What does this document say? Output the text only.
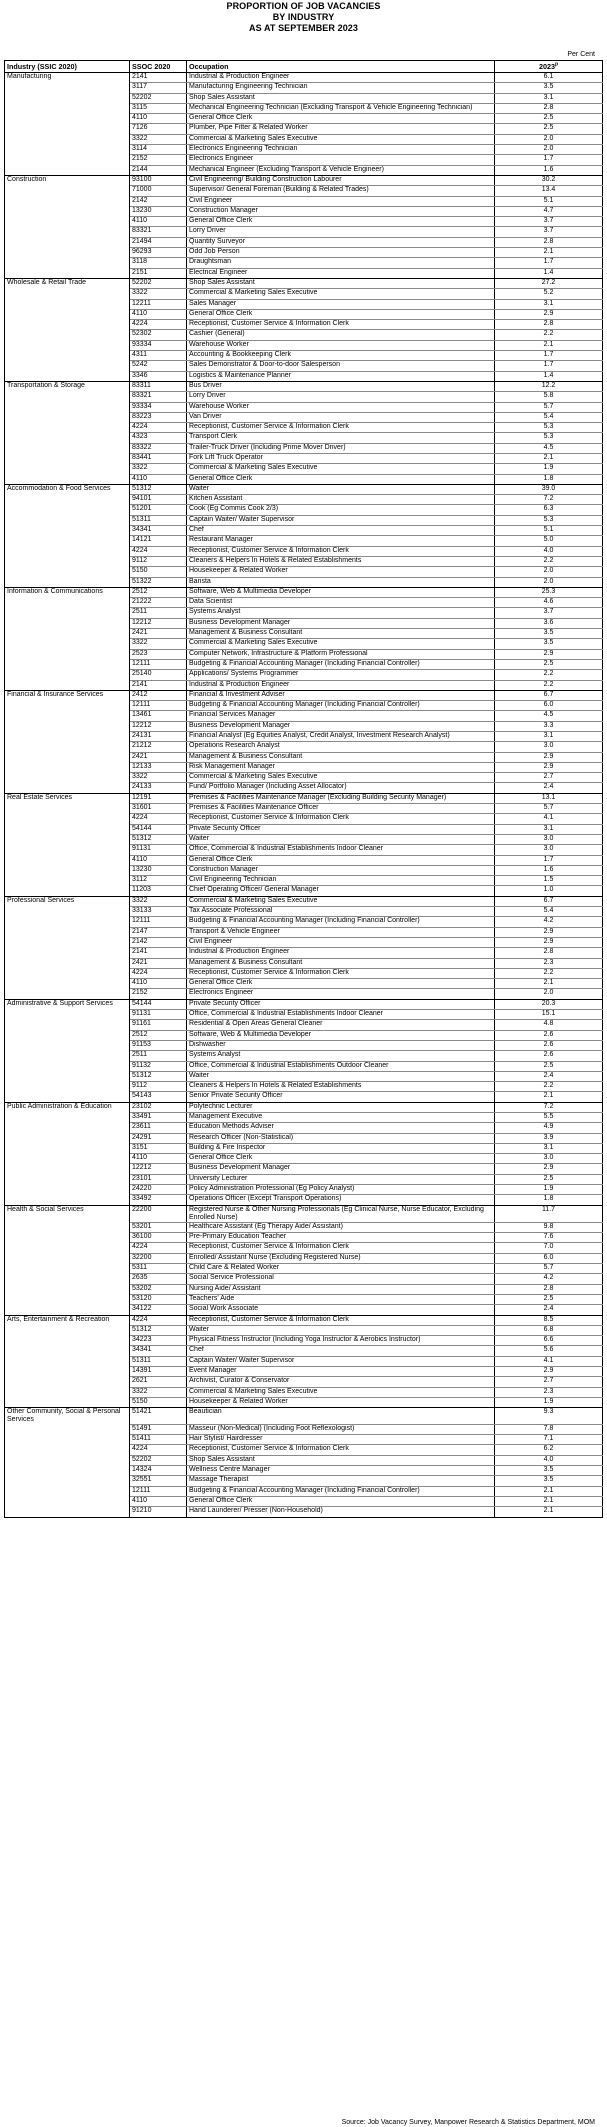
PROPORTION OF JOB VACANCIES
BY INDUSTRY
AS AT SEPTEMBER 2023
Per Cent
Industry (SSIC 2020)	SSOC 2020	Occupation	2023$^p$
Manufacturing	2141	Industrial & Production Engineer	6.1
	3117	Manufacturing Engineering Technician	3.5
	52202	Shop Sales Assistant	3.1
	3115	Mechanical Engineering Technician (Excluding Transport & Vehicle Engineering Technician)	2.8
	4110	General Office Clerk	2.5
	7126	Plumber, Pipe Fitter & Related Worker	2.5
	3322	Commercial & Marketing Sales Executive	2.0
	3114	Electronics Engineering Technician	2.0
	2152	Electronics Engineer	1.7
	2144	Mechanical Engineer (Excluding Transport & Vehicle Engineer)	1.6
Construction	93100	Civil Engineering/ Building Construction Labourer	30.2
	71000	Supervisor/ General Foreman (Building & Related Trades)	13.4
	2142	Civil Engineer	5.1
	13230	Construction Manager	4.7
	4110	General Office Clerk	3.7
	83321	Lorry Driver	3.7
	21494	Quantity Surveyor	2.8
	96293	Odd Job Person	2.1
	3118	Draughtsman	1.7
	2151	Electrical Engineer	1.4
Wholesale & Retail Trade	52202	Shop Sales Assistant	27.2
	3322	Commercial & Marketing Sales Executive	5.2
	12211	Sales Manager	3.1
	4110	General Office Clerk	2.9
	4224	Receptionist, Customer Service & Information Clerk	2.8
	52302	Cashier (General)	2.2
	93334	Warehouse Worker	2.1
	4311	Accounting & Bookkeeping Clerk	1.7
	5242	Sales Demonstrator & Door-to-door Salesperson	1.7
	3346	Logistics & Maintenance Planner	1.4
Transportation & Storage	83311	Bus Driver	12.2
	83321	Lorry Driver	5.8
	93334	Warehouse Worker	5.7
	83223	Van Driver	5.4
	4224	Receptionist, Customer Service & Information Clerk	5.3
	4323	Transport Clerk	5.3
	83322	Trailer-Truck Driver (Including Prime Mover Driver)	4.5
	83441	Fork Lift Truck Operator	2.1
	3322	Commercial & Marketing Sales Executive	1.9
	4110	General Office Clerk	1.8
Accommodation & Food Services	51312	Waiter	39.0
	94101	Kitchen Assistant	7.2
	51201	Cook (Eg Commis Cook 2/3)	6.3
	51311	Captain Waiter/ Waiter Supervisor	5.3
	34341	Chef	5.1
	14121	Restaurant Manager	5.0
	4224	Receptionist, Customer Service & Information Clerk	4.0
	9112	Cleaners & Helpers In Hotels & Related Establishments	2.2
	5150	Housekeeper & Related Worker	2.0
	51322	Barista	2.0
Information & Communications	2512	Software, Web & Multimedia Developer	25.3
	21222	Data Scientist	4.6
	2511	Systems Analyst	3.7
	12212	Business Development Manager	3.6
	2421	Management & Business Consultant	3.5
	3322	Commercial & Marketing Sales Executive	3.5
	2523	Computer Network, Infrastructure & Platform Professional	2.9
	12111	Budgeting & Financial Accounting Manager (Including Financial Controller)	2.5
	25140	Applications/ Systems Programmer	2.2
	2141	Industrial & Production Engineer	2.2
Financial & Insurance Services	2412	Financial & Investment Adviser	6.7
	12111	Budgeting & Financial Accounting Manager (Including Financial Controller)	6.0
	13461	Financial Services Manager	4.5
	12212	Business Development Manager	3.3
	24131	Financial Analyst (Eg Equities Analyst, Credit Analyst, Investment Research Analyst)	3.1
	21212	Operations Research Analyst	3.0
	2421	Management & Business Consultant	2.9
	12133	Risk Management Manager	2.9
	3322	Commercial & Marketing Sales Executive	2.7
	24133	Fund/ Portfolio Manager (Including Asset Allocator)	2.4
Real Estate Services	12191	Premises & Facilities Maintenance Manager (Excluding Building Security Manager)	13.1
	31601	Premises & Facilities Maintenance Officer	5.7
	4224	Receptionist, Customer Service & Information Clerk	4.1
	54144	Private Security Officer	3.1
	51312	Waiter	3.0
	91131	Office, Commercial & Industrial Establishments Indoor Cleaner	3.0
	4110	General Office Clerk	1.7
	13230	Construction Manager	1.6
	3112	Civil Engineering Technician	1.5
	11203	Chief Operating Officer/ General Manager	1.0
Professional Services	3322	Commercial & Marketing Sales Executive	6.7
	33133	Tax Associate Professional	5.4
	12111	Budgeting & Financial Accounting Manager (Including Financial Controller)	4.2
	2147	Transport & Vehicle Engineer	2.9
	2142	Civil Engineer	2.9
	2141	Industrial & Production Engineer	2.8
	2421	Management & Business Consultant	2.3
	4224	Receptionist, Customer Service & Information Clerk	2.2
	4110	General Office Clerk	2.1
	2152	Electronics Engineer	2.0
Administrative & Support Services	54144	Private Security Officer	20.3
	91131	Office, Commercial & Industrial Establishments Indoor Cleaner	15.1
	91161	Residential & Open Areas General Cleaner	4.8
	2512	Software, Web & Multimedia Developer	2.6
	91153	Dishwasher	2.6
	2511	Systems Analyst	2.6
	91132	Office, Commercial & Industrial Establishments Outdoor Cleaner	2.5
	51312	Waiter	2.4
	9112	Cleaners & Helpers In Hotels & Related Establishments	2.2
	54143	Senior Private Security Officer	2.1
Public Administration & Education	23102	Polytechnic Lecturer	7.2
	33491	Management Executive	5.5
	23611	Education Methods Adviser	4.9
	24291	Research Officer (Non-Statistical)	3.9
	3151	Building & Fire Inspector	3.1
	4110	General Office Clerk	3.0
	12212	Business Development Manager	2.9
	23101	University Lecturer	2.5
	24220	Policy Administration Professional (Eg Policy Analyst)	1.9
	33492	Operations Officer (Except Transport Operations)	1.8
Health & Social Services	22200	Registered Nurse & Other Nursing Professionals (Eg Clinical Nurse, Nurse Educator, Excluding Enrolled Nurse)	11.7
	53201	Healthcare Assistant (Eg Therapy Aide/ Assistant)	9.8
	36100	Pre-Primary Education Teacher	7.6
	4224	Receptionist, Customer Service & Information Clerk	7.0
	32200	Enrolled/ Assistant Nurse (Excluding Registered Nurse)	6.0
	5311	Child Care & Related Worker	5.7
	2635	Social Service Professional	4.2
	53202	Nursing Aide/ Assistant	2.8
	53120	Teachers' Aide	2.5
	34122	Social Work Associate	2.4
Arts, Entertainment & Recreation	4224	Receptionist, Customer Service & Information Clerk	8.5
	51312	Waiter	6.8
	34223	Physical Fitness Instructor (Including Yoga Instructor & Aerobics Instructor)	6.6
	34341	Chef	5.6
	51311	Captain Waiter/ Waiter Supervisor	4.1
	14391	Event Manager	2.9
	2621	Archivist, Curator & Conservator	2.7
	3322	Commercial & Marketing Sales Executive	2.3
	5150	Housekeeper & Related Worker	1.9
Other Community, Social & Personal Services	51421	Beautician	9.3
	51491	Masseur (Non-Medical) (Including Foot Reflexologist)	7.8
	51411	Hair Stylist/ Hairdresser	7.1
	4224	Receptionist, Customer Service & Information Clerk	6.2
	52202	Shop Sales Assistant	4.0
	14324	Wellness Centre Manager	3.5
	32551	Massage Therapist	3.5
	12111	Budgeting & Financial Accounting Manager (Including Financial Controller)	2.1
	4110	General Office Clerk	2.1
	91210	Hand Launderer/ Presser (Non-Household)	2.1
Source: Job Vacancy Survey, Manpower Research & Statistics Department, MOM
